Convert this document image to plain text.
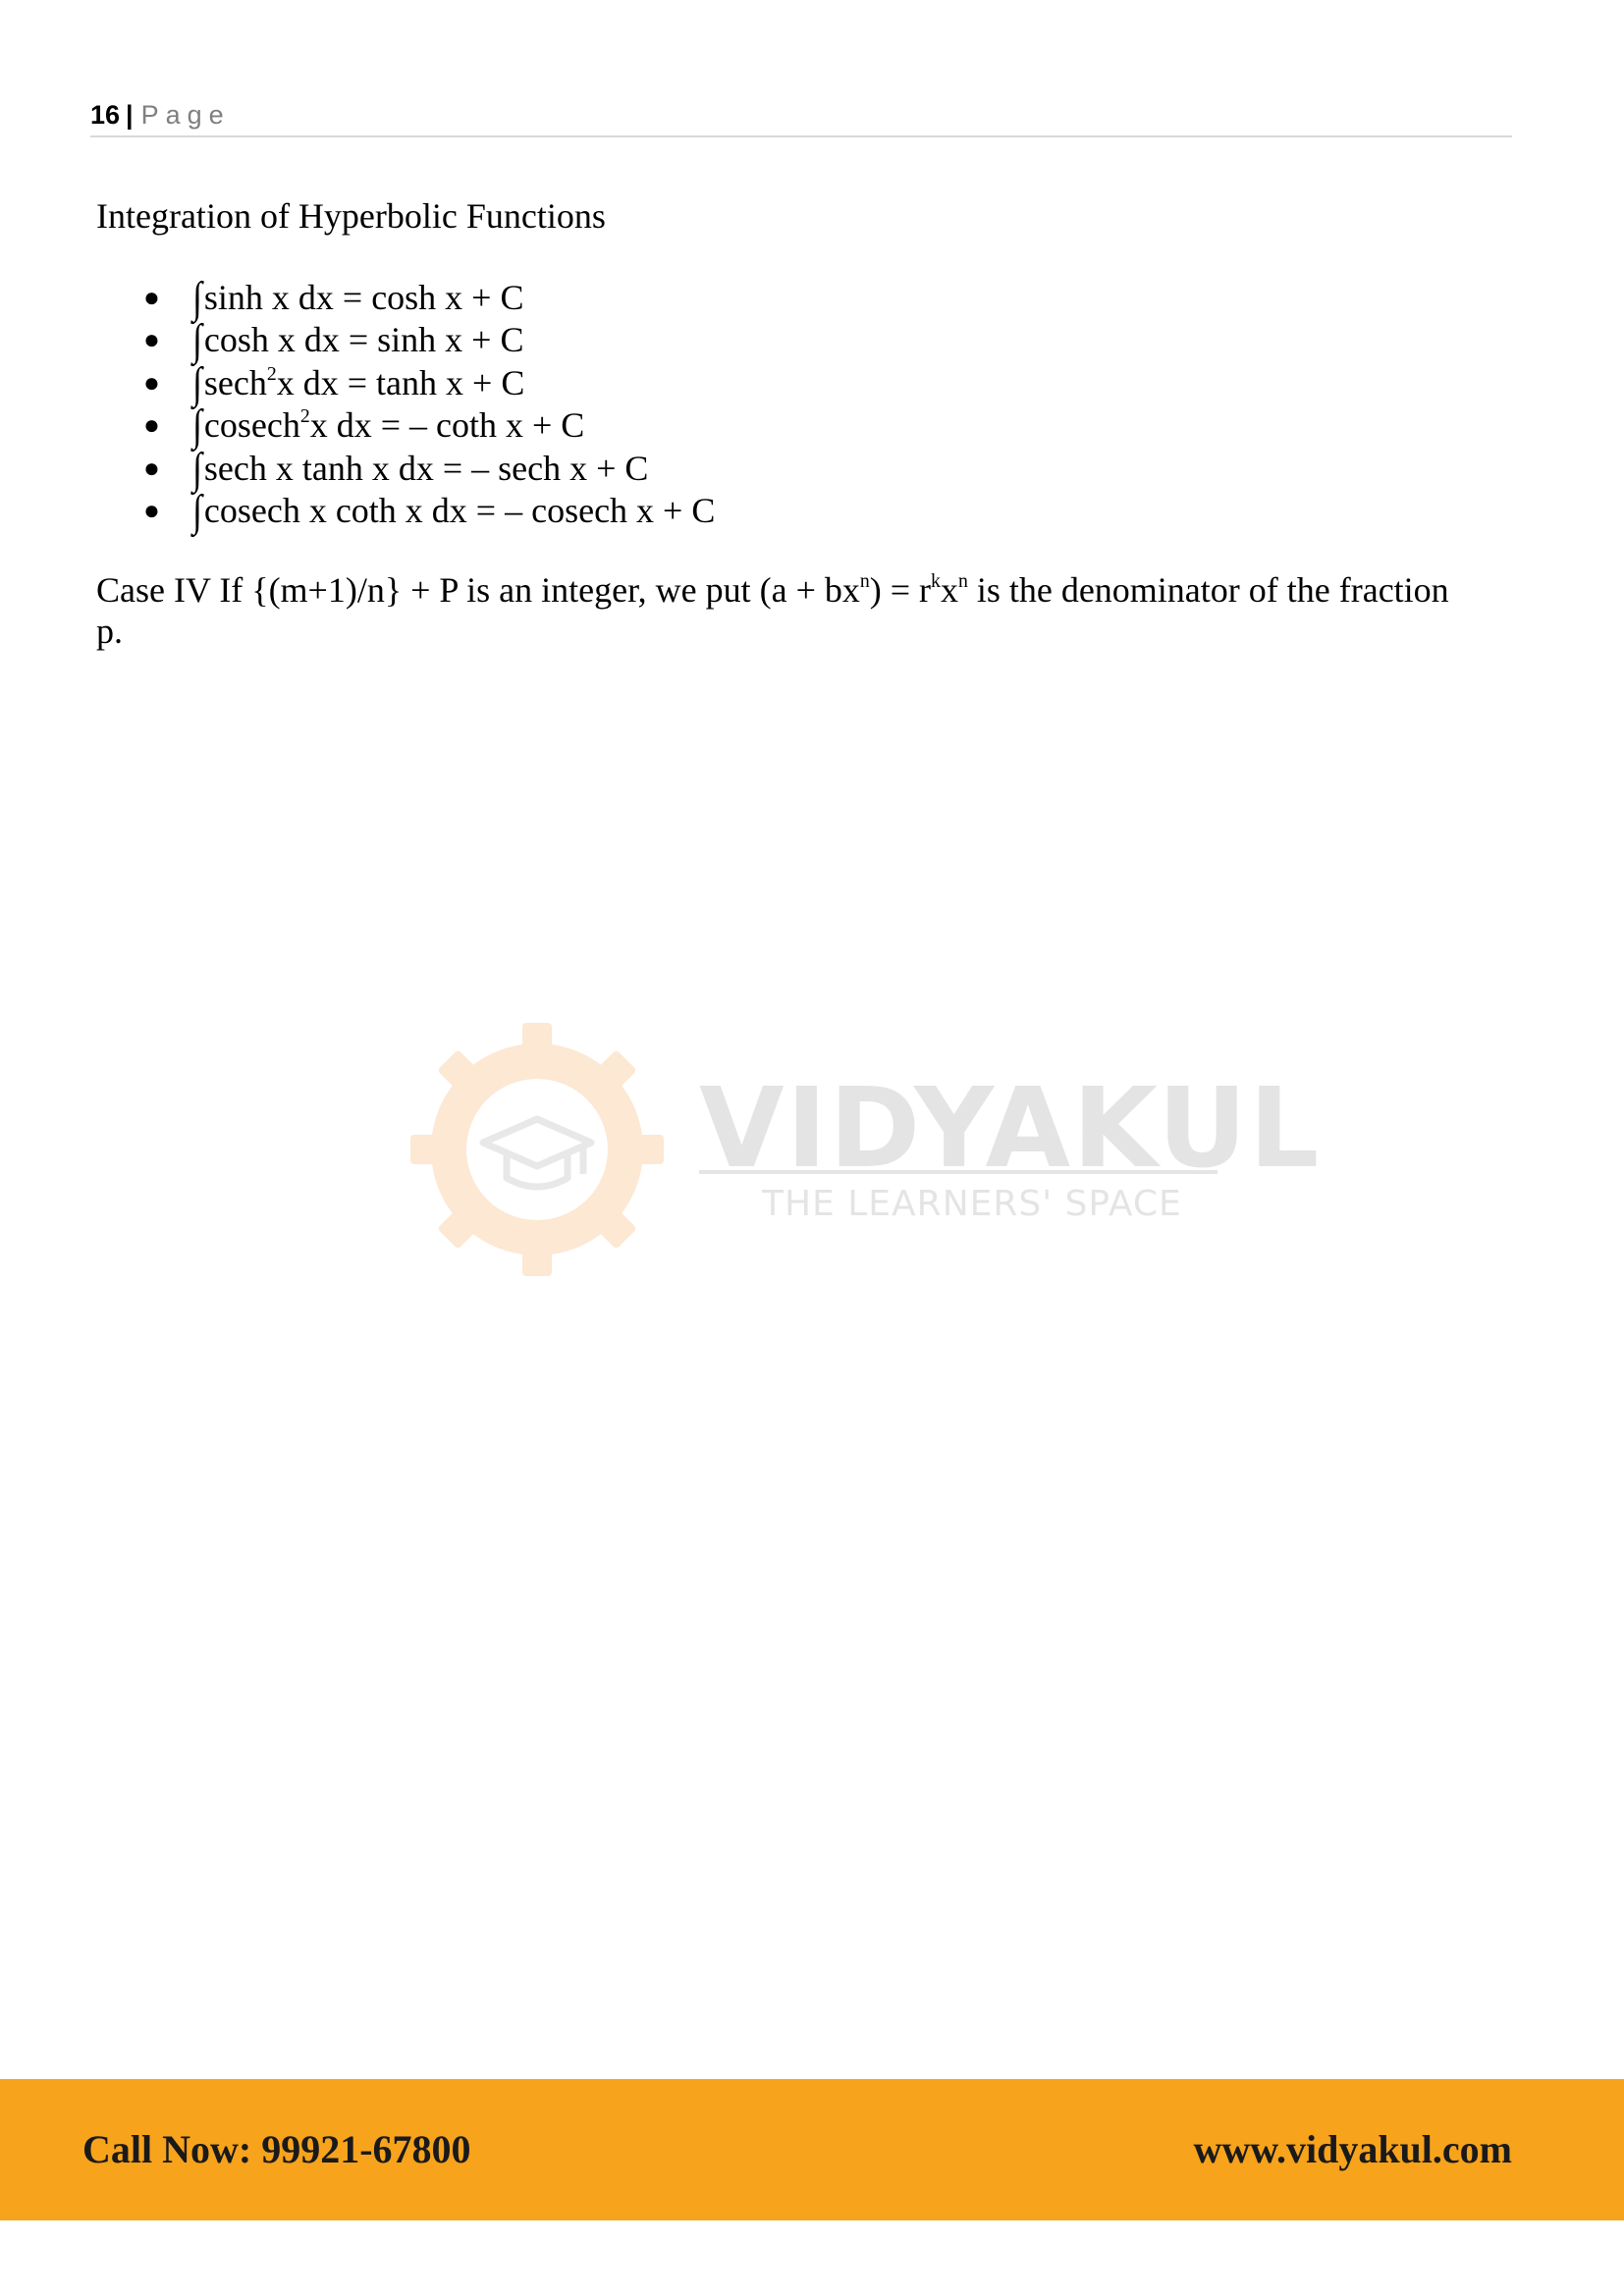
16 | Page
Integration of Hyperbolic Functions
● ∫sinh x dx = cosh x + C
● ∫cosh x dx = sinh x + C
● ∫sech$^2$x dx = tanh x + C
● ∫cosech$^2$x dx = – coth x + C
● ∫sech x tanh x dx = – sech x + C
● ∫cosech x coth x dx = – cosech x + C

Case IV If {(m+1)/n} + P is an integer, we put $(a + bx^n) = r^kx^n$ is the denominator of the fraction p.

VIDYAKUL
THE LEARNERS' SPACE
Call Now: 99921-67800	www.vidyakul.com
